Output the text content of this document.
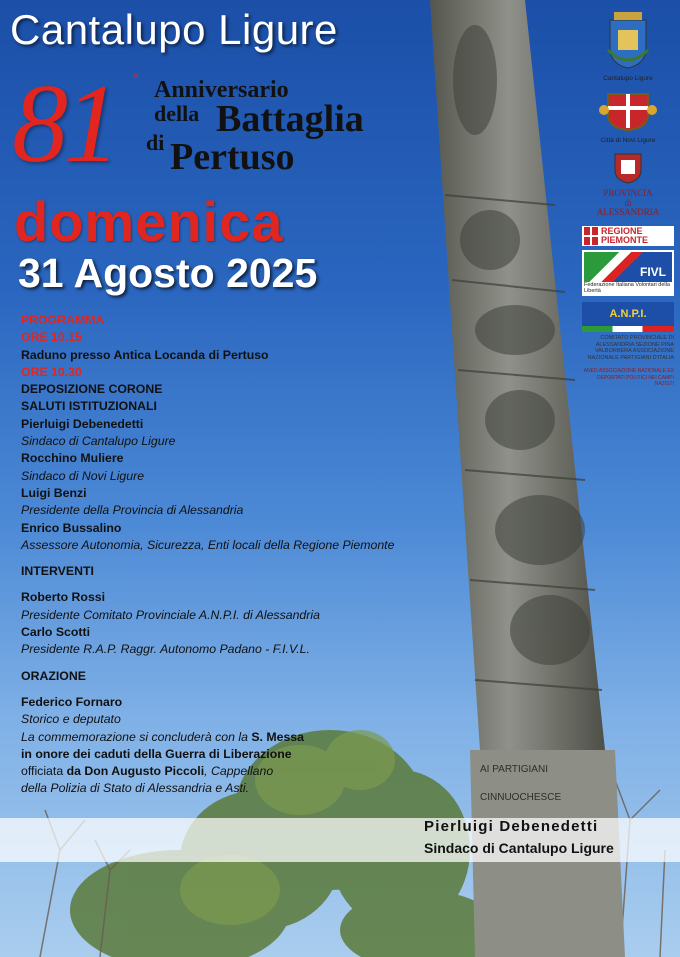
AI PARTIGIANI
CINNUOCHESCE
Cantalupo Ligure
81 ° Anniversario
della Battaglia
di Pertuso
domenica
31 Agosto 2025
PROGRAMMA
ORE 10.15
Raduno presso Antica Locanda di Pertuso
ORE 10.30
DEPOSIZIONE CORONE
SALUTI ISTITUZIONALI
Pierluigi Debenedetti
Sindaco di Cantalupo Ligure
Rocchino Muliere
Sindaco di Novi Ligure
Luigi Benzi
Presidente della Provincia di Alessandria
Enrico Bussalino
Assessore Autonomia, Sicurezza, Enti locali della Regione Piemonte
INTERVENTI
Roberto Rossi
Presidente Comitato Provinciale A.N.P.I. di Alessandria
Carlo Scotti
Presidente R.A.P. Raggr. Autonomo Padano - F.I.V.L.
ORAZIONE
Federico Fornaro
Storico e deputato
La commemorazione si concluderà con la S. Messa
in onore dei caduti della Guerra di Liberazione
officiata da Don Augusto Piccoli, Cappellano
della Polizia di Stato di Alessandria e Asti.
Cantalupo Ligure
Città di Novi Ligure
PROVINCIA
di
ALESSANDRIA
REGIONE
PIEMONTE
FIVL
Federazione Italiana Volontari della Libertà
A.N.P.I.
COMITATO PROVINCIALE DI ALESSANDRIA SEZIONE PINA VALBORBERA ASSOCIAZIONE NAZIONALE PARTIGIANI D'ITALIA
ANED ASSOCIAZIONE NAZIONALE EX DEPORTATI POLITICI NEI CAMPI NAZISTI
Pierluigi Debenedetti
Sindaco di Cantalupo Ligure
